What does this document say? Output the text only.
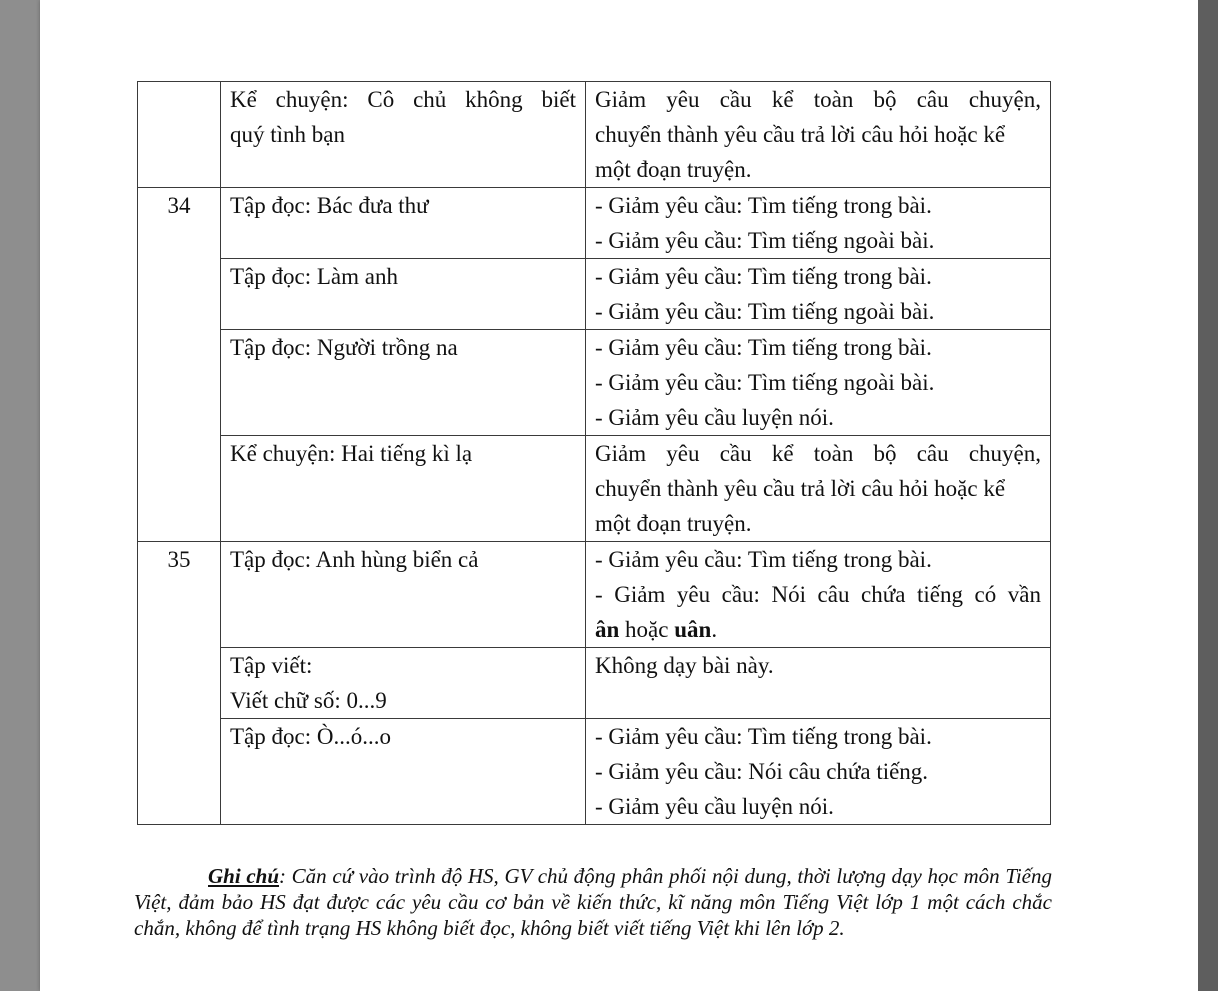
	Kể chuyện: Cô chủ không biết
quý tình bạn	Giảm yêu cầu kể toàn bộ câu chuyện,
chuyển thành yêu cầu trả lời câu hỏi hoặc kể
một đoạn truyện.

34	Tập đọc: Bác đưa thư	- Giảm yêu cầu: Tìm tiếng trong bài.
- Giảm yêu cầu: Tìm tiếng ngoài bài.

	Tập đọc: Làm anh	- Giảm yêu cầu: Tìm tiếng trong bài.
- Giảm yêu cầu: Tìm tiếng ngoài bài.

	Tập đọc: Người trồng na	- Giảm yêu cầu: Tìm tiếng trong bài.
- Giảm yêu cầu: Tìm tiếng ngoài bài.
- Giảm yêu cầu luyện nói.

	Kể chuyện: Hai tiếng kì lạ	Giảm yêu cầu kể toàn bộ câu chuyện,
chuyển thành yêu cầu trả lời câu hỏi hoặc kể
một đoạn truyện.

35	Tập đọc: Anh hùng biển cả	- Giảm yêu cầu: Tìm tiếng trong bài.
- Giảm yêu cầu: Nói câu chứa tiếng có vần
ân hoặc uân.

	Tập viết:
Viết chữ số: 0...9	Không dạy bài này.

	Tập đọc: Ò...ó...o	- Giảm yêu cầu: Tìm tiếng trong bài.
- Giảm yêu cầu: Nói câu chứa tiếng.
- Giảm yêu cầu luyện nói.
Ghi chú: Căn cứ vào trình độ HS, GV chủ động phân phối nội dung, thời lượng dạy học môn Tiếng Việt, đảm bảo HS đạt được các yêu cầu cơ bản về kiến thức, kĩ năng môn Tiếng Việt lớp 1 một cách chắc chắn, không để tình trạng HS không biết đọc, không biết viết tiếng Việt khi lên lớp 2.
